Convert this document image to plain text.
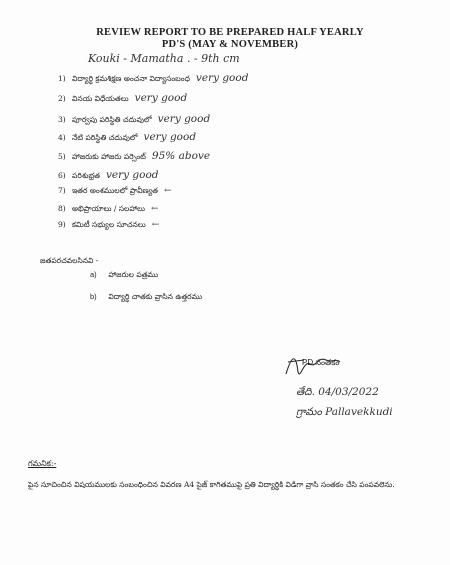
REVIEW REPORT TO BE PREPARED HALF YEARLY
PD'S (MAY & NOVEMBER)
Kouki - Mamatha . - 9th cm
1) విద్యార్థి క్రమశిక్షణ అంచనా విద్యాసంబంధ very good
2) వినయ విధేయతలు very good
3) పూర్వపు పరిస్థితి చదువులో very good
4) నేటి పరిస్థితి చదువులో very good
5) హాజరుకు హాజరు పర్సెంట్ 95% above
6) పరిశుభ్రత very good
7) ఇతర అంశములలో ప్రావీణ్యత ←
8) అభిప్రాయాలు / సలహాలు ←
9) కమిటీ సభ్యుల సూచనలు ←
జతపరచవలసినవి -
a) హాజరుల పత్రము
b) విద్యార్థి చాతకు వ్రాసిన ఉత్తరము
PD సంతకం
తేది. 04/03/2022
గ్రామం Pallavekkudi
గమనిక:-
పైన సూచించిన విషయములకు సంబంధించిన వివరణ A4 సైజ్ కాగితముపై ప్రతి విద్యార్థికి విడిగా వ్రాసి సంతకం చేసి పంపవలెను.
